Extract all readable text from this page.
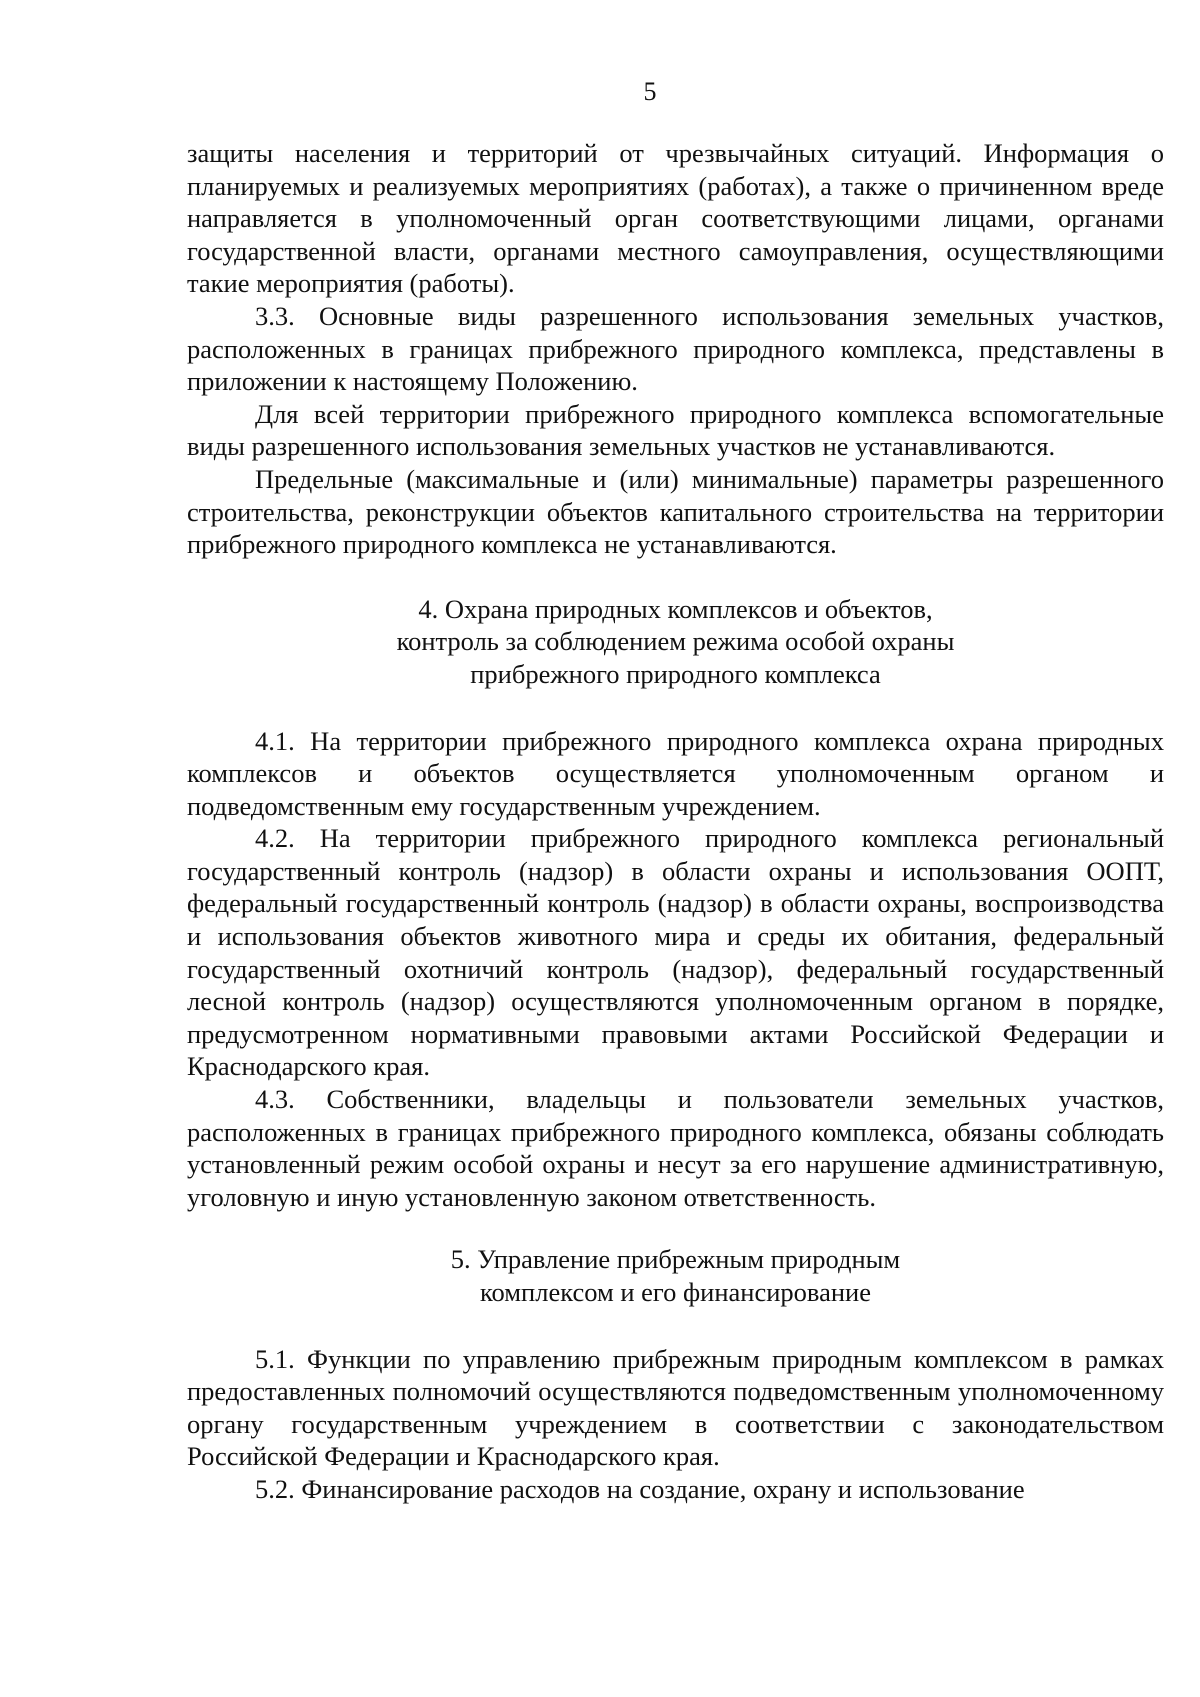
5

защиты населения и территорий от чрезвычайных ситуаций. Информация о планируемых и реализуемых мероприятиях (работах), а также о причиненном вреде направляется в уполномоченный орган соответствующими лицами, органами государственной власти, органами местного самоуправления, осуществляющими такие мероприятия (работы).

3.3. Основные виды разрешенного использования земельных участков, расположенных в границах прибрежного природного комплекса, представлены в приложении к настоящему Положению.

Для всей территории прибрежного природного комплекса вспомогательные виды разрешенного использования земельных участков не устанавливаются.

Предельные (максимальные и (или) минимальные) параметры разрешенного строительства, реконструкции объектов капитального строительства на территории прибрежного природного комплекса не устанавливаются.

4. Охрана природных комплексов и объектов,
контроль за соблюдением режима особой охраны
прибрежного природного комплекса

4.1. На территории прибрежного природного комплекса охрана природных комплексов и объектов осуществляется уполномоченным органом и подведомственным ему государственным учреждением.

4.2. На территории прибрежного природного комплекса региональный государственный контроль (надзор) в области охраны и использования ООПТ, федеральный государственный контроль (надзор) в области охраны, воспроизводства и использования объектов животного мира и среды их обитания, федеральный государственный охотничий контроль (надзор), федеральный государственный лесной контроль (надзор) осуществляются уполномоченным органом в порядке, предусмотренном нормативными правовыми актами Российской Федерации и Краснодарского края.

4.3. Собственники, владельцы и пользователи земельных участков, расположенных в границах прибрежного природного комплекса, обязаны соблюдать установленный режим особой охраны и несут за его нарушение административную, уголовную и иную установленную законом ответственность.

5. Управление прибрежным природным
комплексом и его финансирование

5.1. Функции по управлению прибрежным природным комплексом в рамках предоставленных полномочий осуществляются подведомственным уполномоченному органу государственным учреждением в соответствии с законодательством Российской Федерации и Краснодарского края.

5.2. Финансирование расходов на создание, охрану и использование
